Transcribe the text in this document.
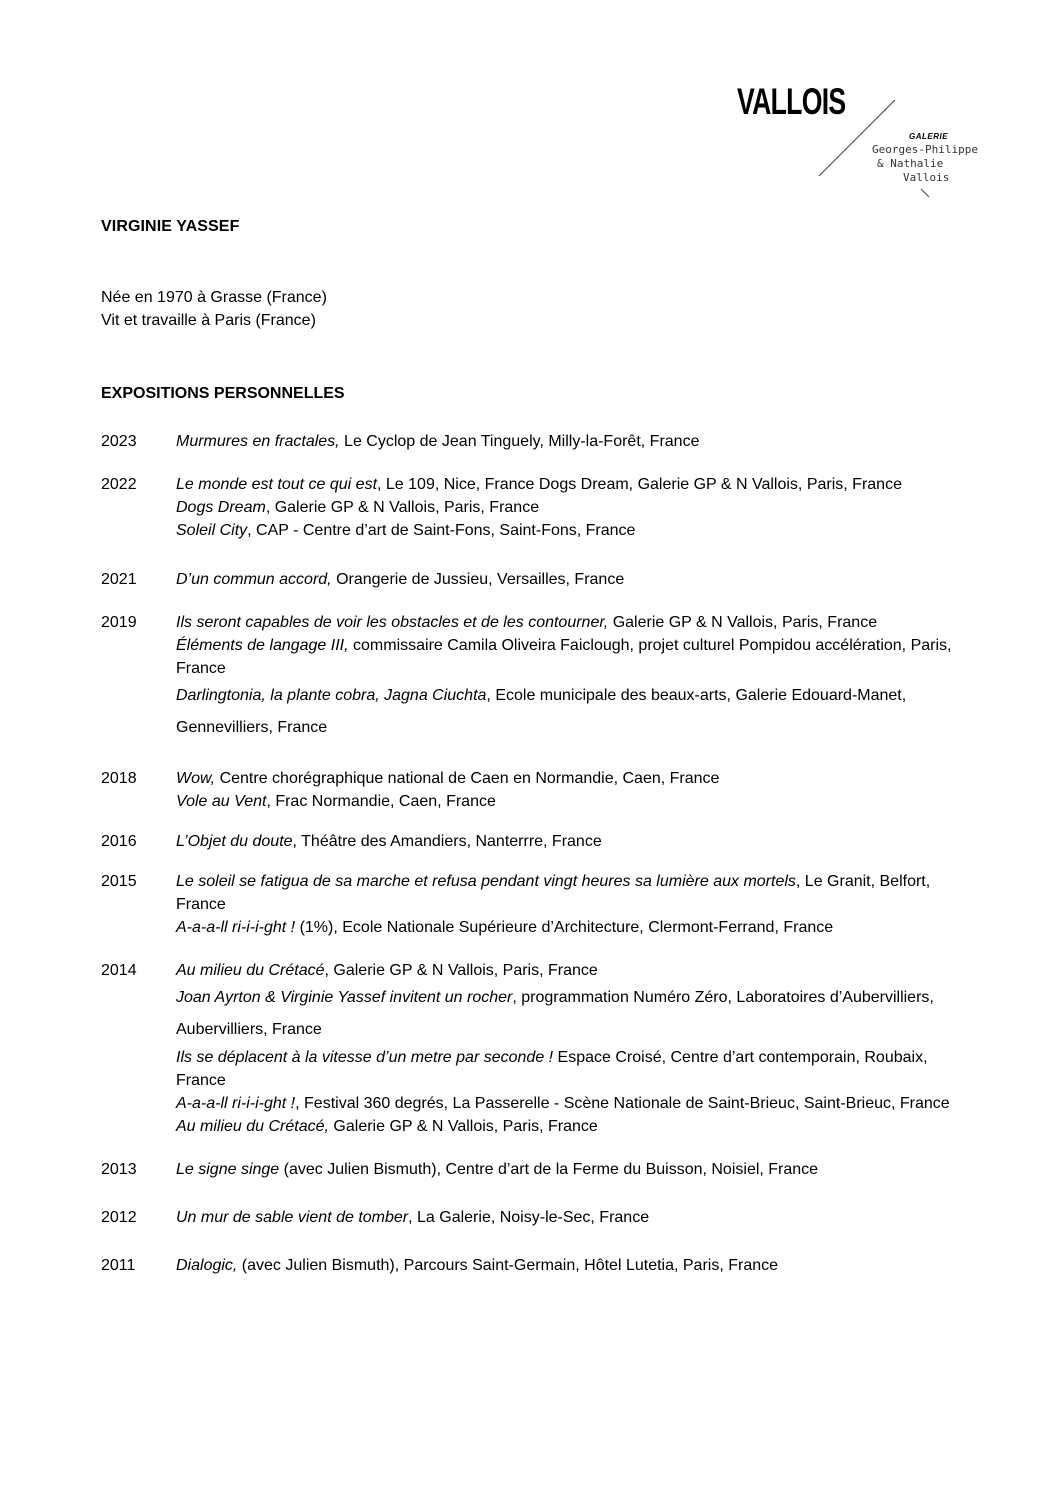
VALLOIS
GALERIE
Georges-Philippe
& Nathalie
Vallois
VIRGINIE YASSEF
Née en 1970 à Grasse (France)
Vit et travaille à Paris (France)
EXPOSITIONS PERSONNELLES
2023	Murmures en fractales, Le Cyclop de Jean Tinguely, Milly-la-Forêt, France
2022	Le monde est tout ce qui est, Le 109, Nice, France Dogs Dream, Galerie GP & N Vallois, Paris, France
Dogs Dream, Galerie GP & N Vallois, Paris, France
Soleil City, CAP - Centre d’art de Saint-Fons, Saint-Fons, France
2021	D’un commun accord, Orangerie de Jussieu, Versailles, France
2019	Ils seront capables de voir les obstacles et de les contourner, Galerie GP & N Vallois, Paris, France
Éléments de langage III, commissaire Camila Oliveira Faiclough, projet culturel Pompidou accélération, Paris, France
Darlingtonia, la plante cobra, Jagna Ciuchta, Ecole municipale des beaux-arts, Galerie Edouard-Manet, Gennevilliers, France
2018	Wow, Centre chorégraphique national de Caen en Normandie, Caen, France
Vole au Vent, Frac Normandie, Caen, France
2016	L’Objet du doute, Théâtre des Amandiers, Nanterrre, France
2015	Le soleil se fatigua de sa marche et refusa pendant vingt heures sa lumière aux mortels, Le Granit, Belfort, France
A-a-a-ll ri-i-i-ght ! (1%), Ecole Nationale Supérieure d’Architecture, Clermont-Ferrand, France
2014	Au milieu du Crétacé, Galerie GP & N Vallois, Paris, France
Joan Ayrton & Virginie Yassef invitent un rocher, programmation Numéro Zéro, Laboratoires d’Aubervilliers, Aubervilliers, France
Ils se déplacent à la vitesse d’un metre par seconde ! Espace Croisé, Centre d’art contemporain, Roubaix, France
A-a-a-ll ri-i-i-ght !, Festival 360 degrés, La Passerelle - Scène Nationale de Saint-Brieuc, Saint-Brieuc, France
Au milieu du Crétacé, Galerie GP & N Vallois, Paris, France
2013	Le signe singe (avec Julien Bismuth), Centre d’art de la Ferme du Buisson, Noisiel, France
2012	Un mur de sable vient de tomber, La Galerie, Noisy-le-Sec, France
2011	Dialogic, (avec Julien Bismuth), Parcours Saint-Germain, Hôtel Lutetia, Paris, France
